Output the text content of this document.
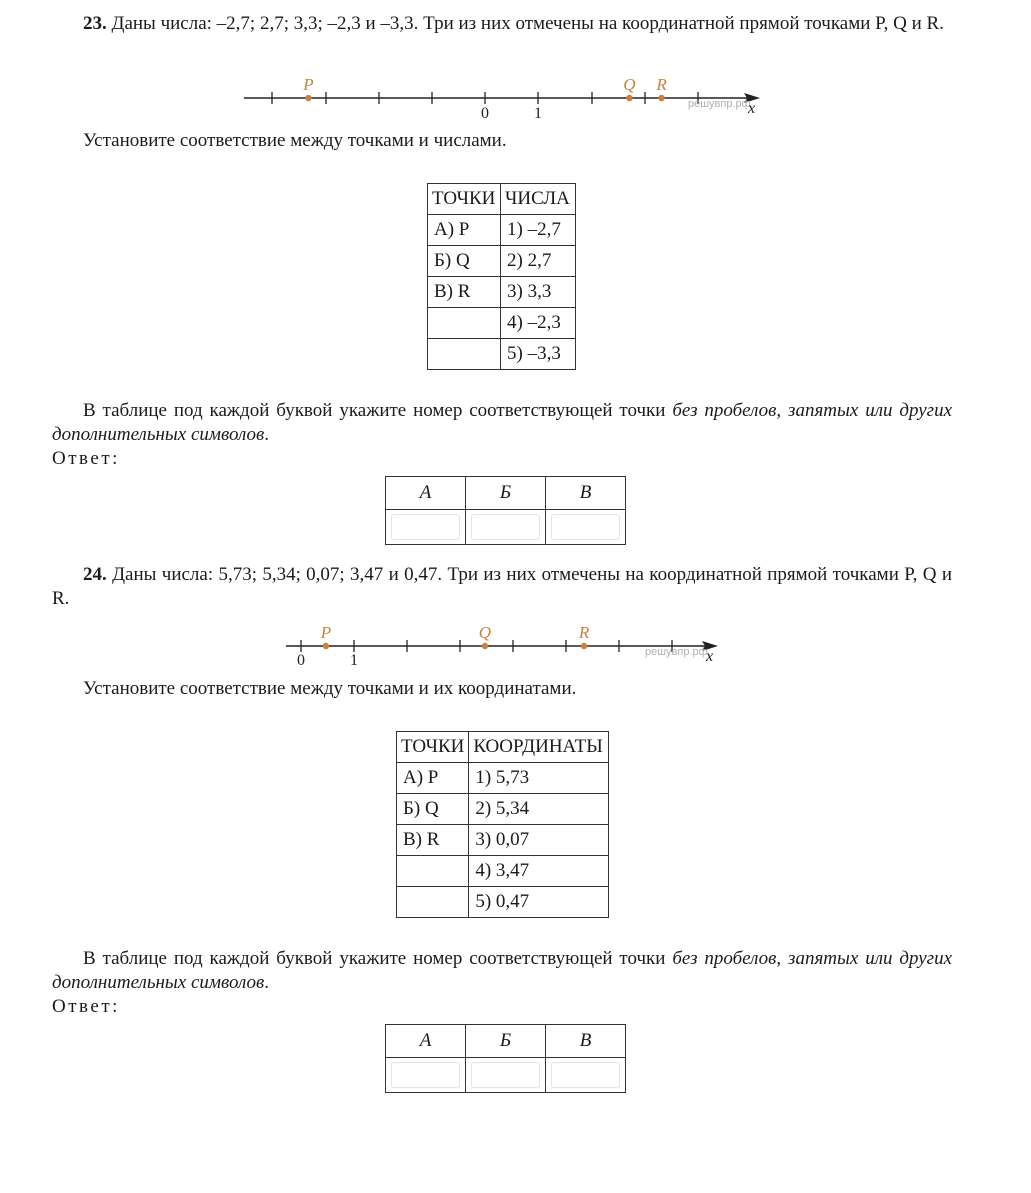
23. Даны числа: –2,7; 2,7; 3,3; –2,3 и –3,3. Три из них отмечены на координатной прямой точками P, Q и R.
решувпр.рф
x
0	1
P	Q R
Установите соответствие между точками и числами.
ТОЧКИ	ЧИСЛА
А) P	1) –2,7
Б) Q	2) 2,7
В) R	3) 3,3
	4) –2,3
	5) –3,3
В таблице под каждой буквой укажите номер соответствующей точки без пробелов, запятых или других дополнительных символов.
Ответ:
А	Б	В

24. Даны числа: 5,73; 5,34; 0,07; 3,47 и 0,47. Три из них отмечены на координатной прямой точками P, Q и R.
решувпр.рф
x
0	1
P	Q	R
Установите соответствие между точками и их координатами.
ТОЧКИ	КООРДИНАТЫ
А) P	1) 5,73
Б) Q	2) 5,34
В) R	3) 0,07
	4) 3,47
	5) 0,47
В таблице под каждой буквой укажите номер соответствующей точки без пробелов, запятых или других дополнительных символов.
Ответ:
А	Б	В
